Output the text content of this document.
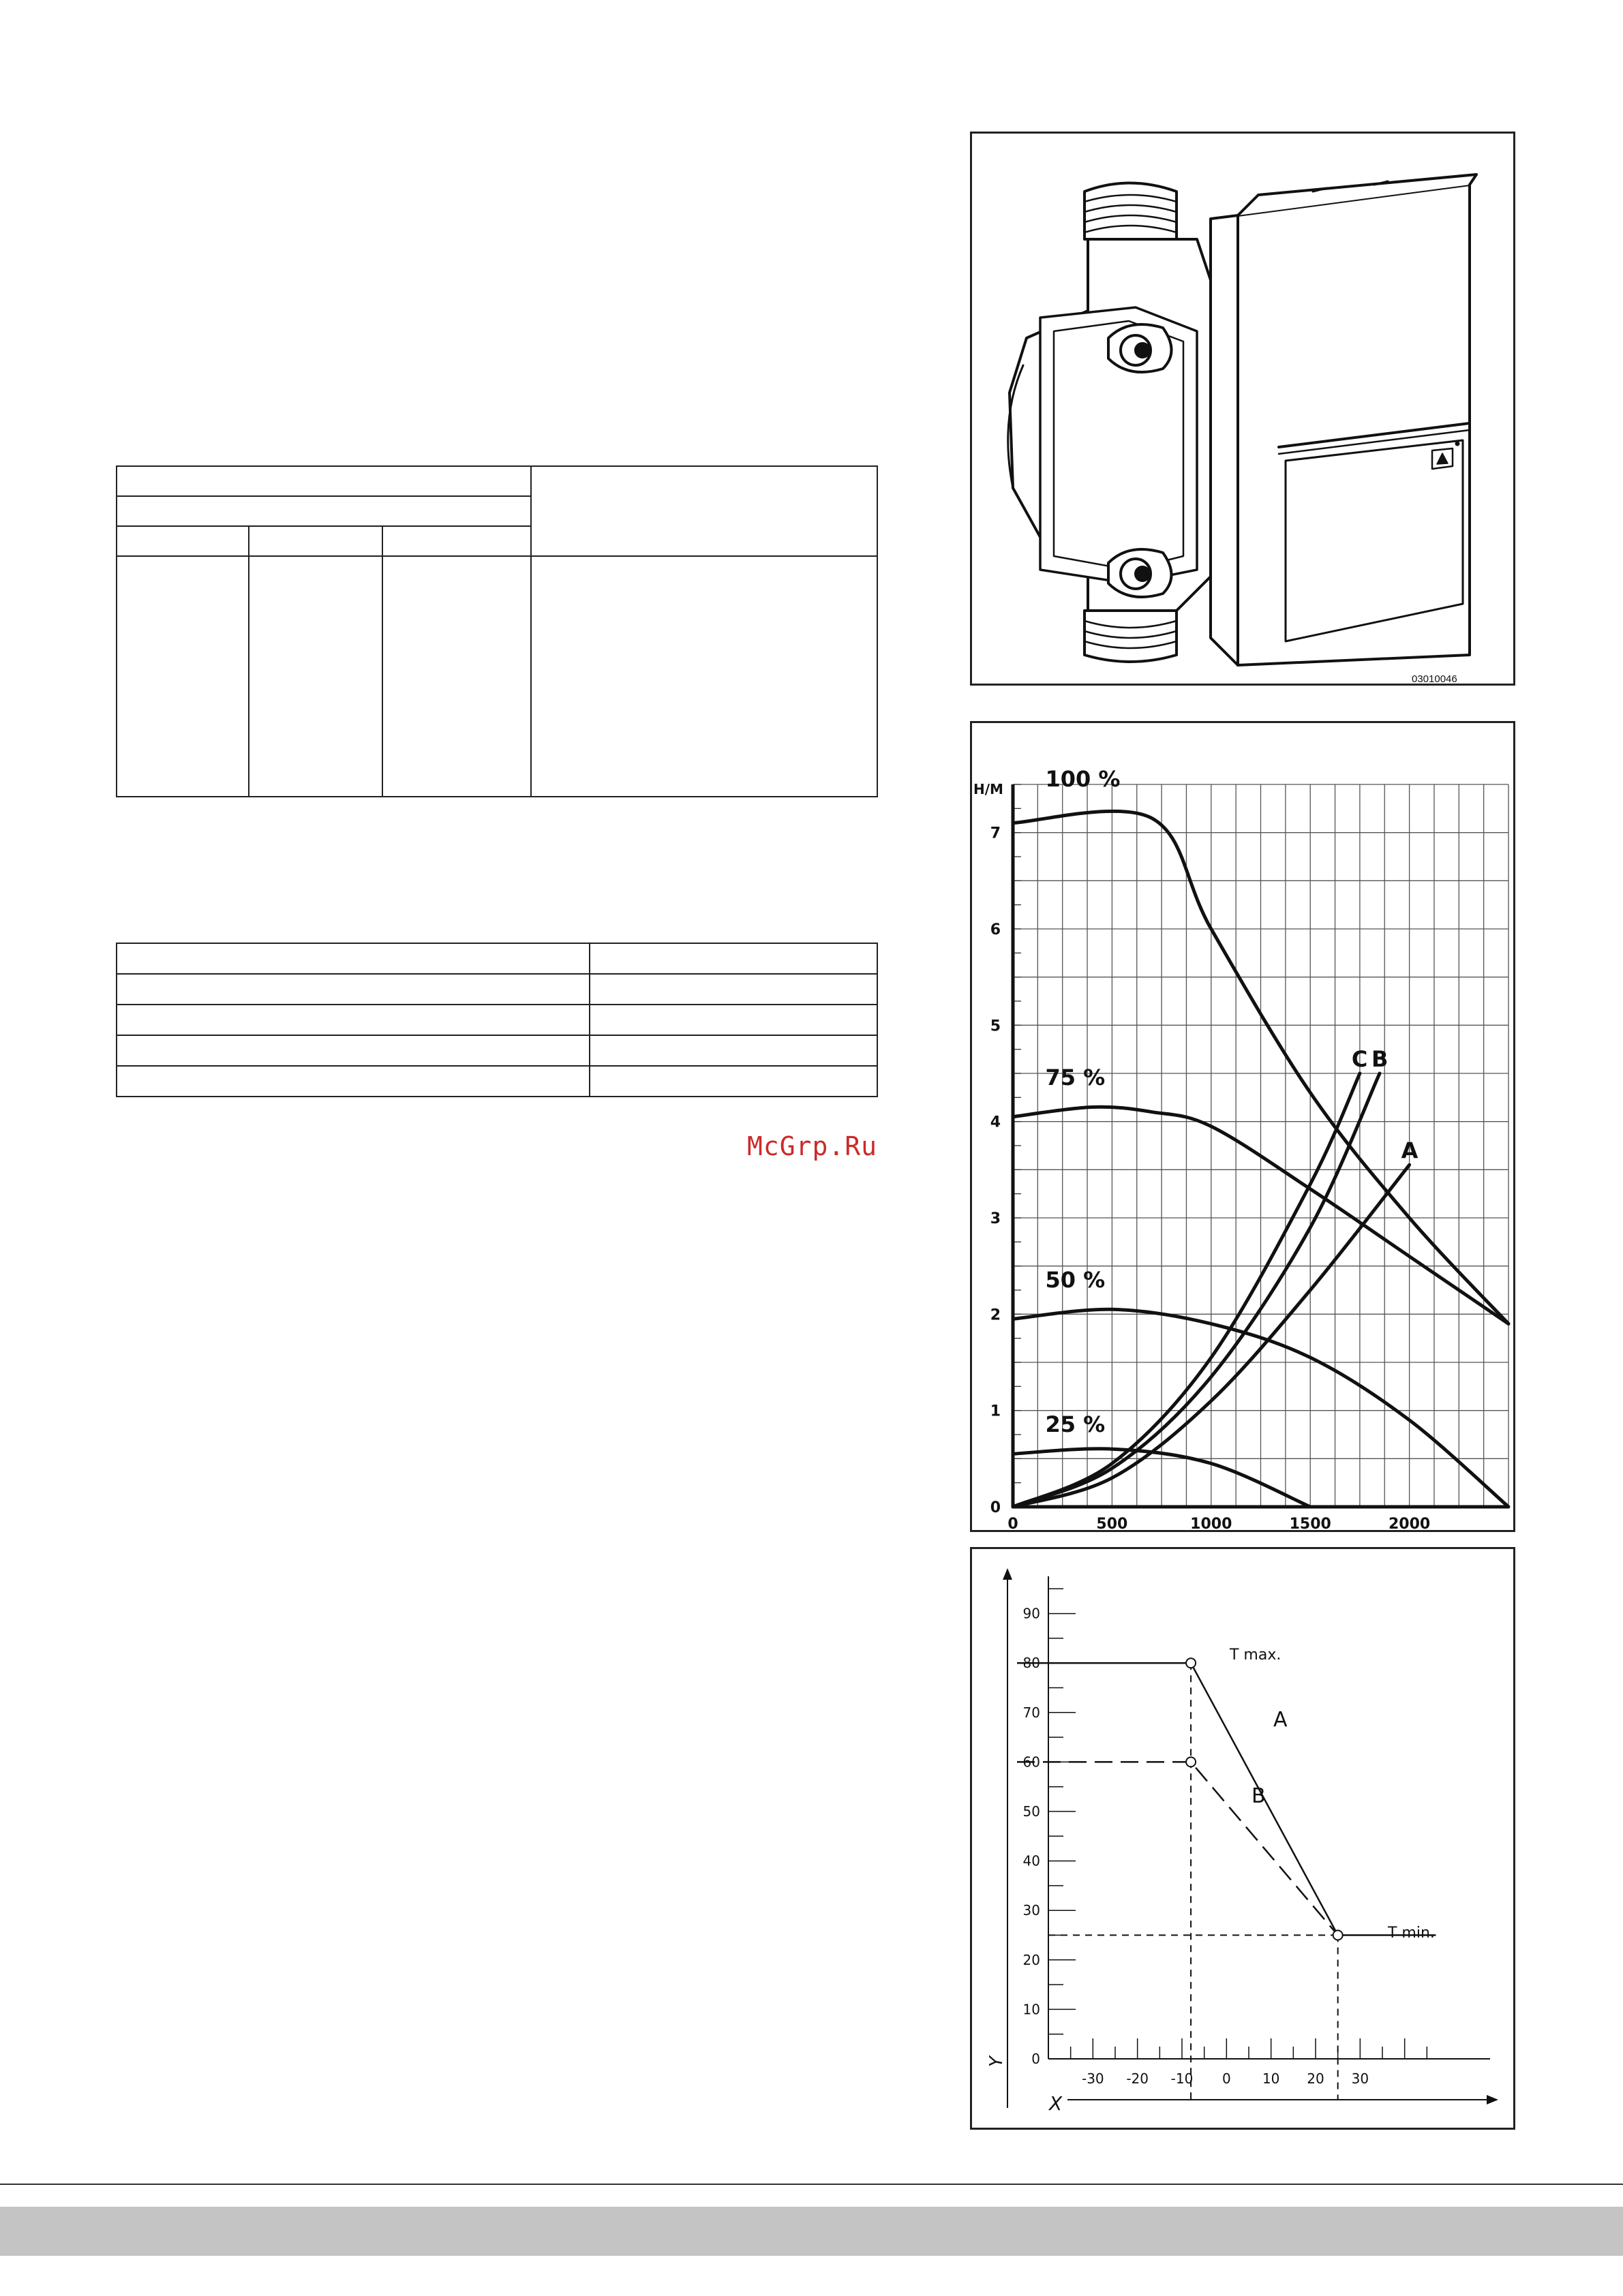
McGrp.Ru
03010046
100 %
75 %
50 %
25 %
C B
A
0
1
2
3
4
5
6
7
0	500	1000	1500	2000
H/M
A
B
0
10
20
30
40
50
60
70
80
90
-30 -20 -10 0 10 20 30
Y
X
T max.
T min.
